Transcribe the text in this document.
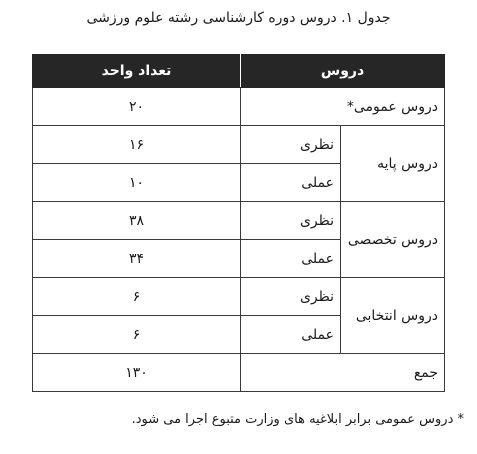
جدول ۱. دروس دوره کارشناسی رشته علوم ورزشی
دروس		تعداد واحد
دروس عمومی*		۲۰
دروس پایه	نظری	۱۶
	عملی	۱۰
دروس تخصصی	نظری	۳۸
	عملی	۳۴
دروس انتخابی	نظری	۶
	عملی	۶
جمع		۱۳۰
* دروس عمومی برابر ابلاغیه های وزارت متبوع اجرا می شود.
